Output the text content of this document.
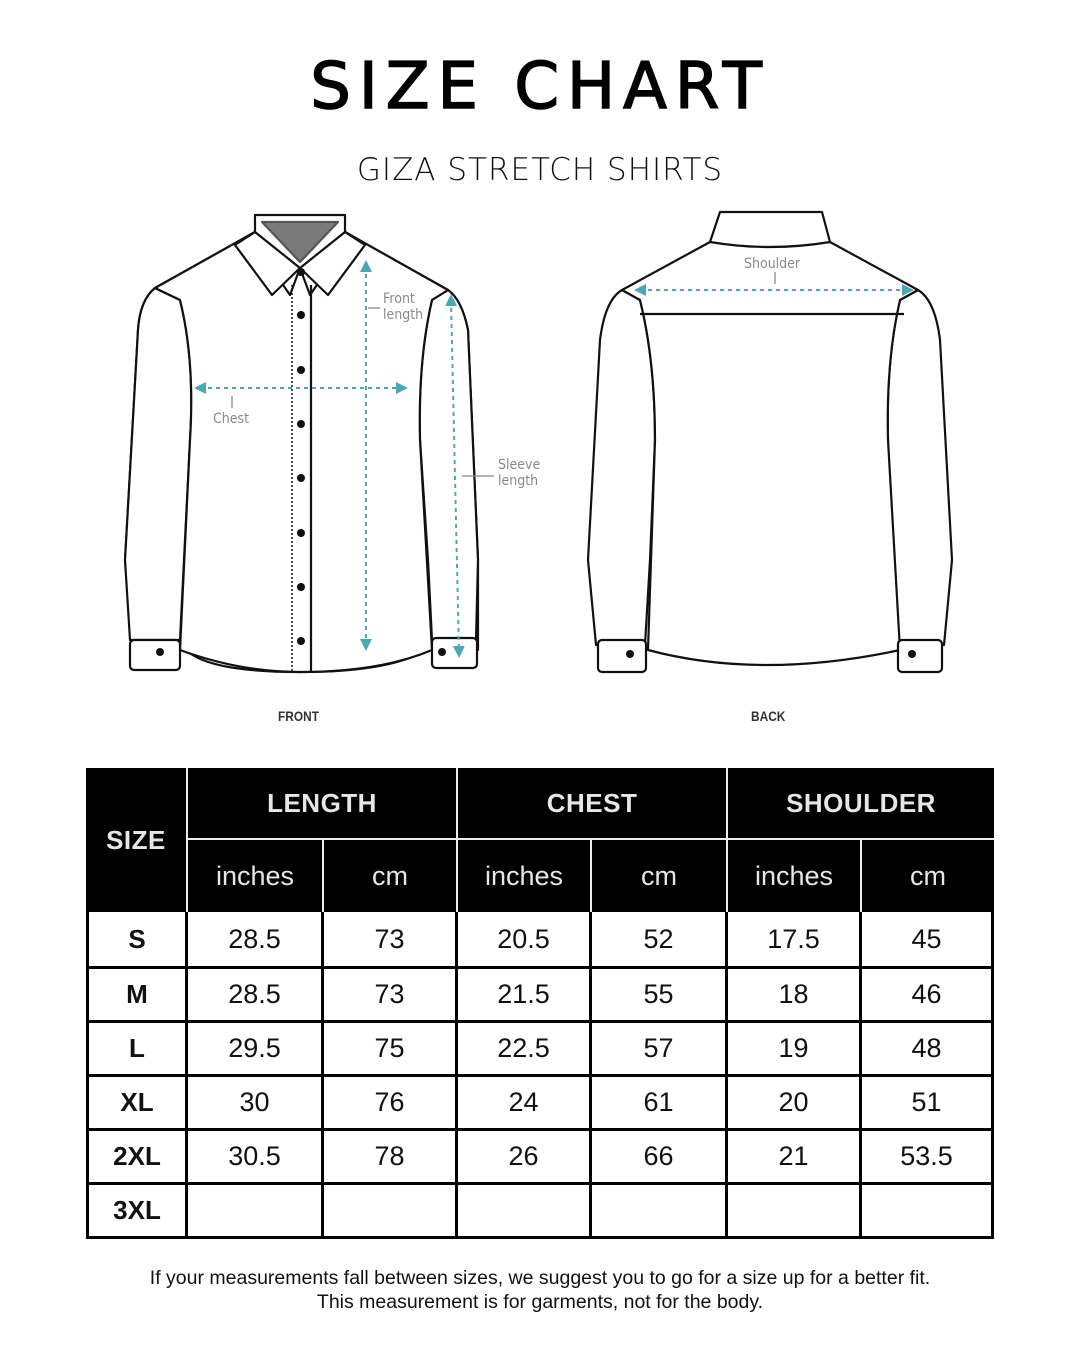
SIZE CHART
GIZA STRETCH SHIRTS
Front
length
Chest
Sleeve
length
Shoulder
FRONT	BACK
SIZE	LENGTH		CHEST		SHOULDER	
	inches	cm	inches	cm	inches	cm
S	28.5	73	20.5	52	17.5	45
M	28.5	73	21.5	55	18	46
L	29.5	75	22.5	57	19	48
XL	30	76	24	61	20	51
2XL	30.5	78	26	66	21	53.5
3XL						
If your measurements fall between sizes, we suggest you to go for a size up for a better fit.
This measurement is for garments, not for the body.
